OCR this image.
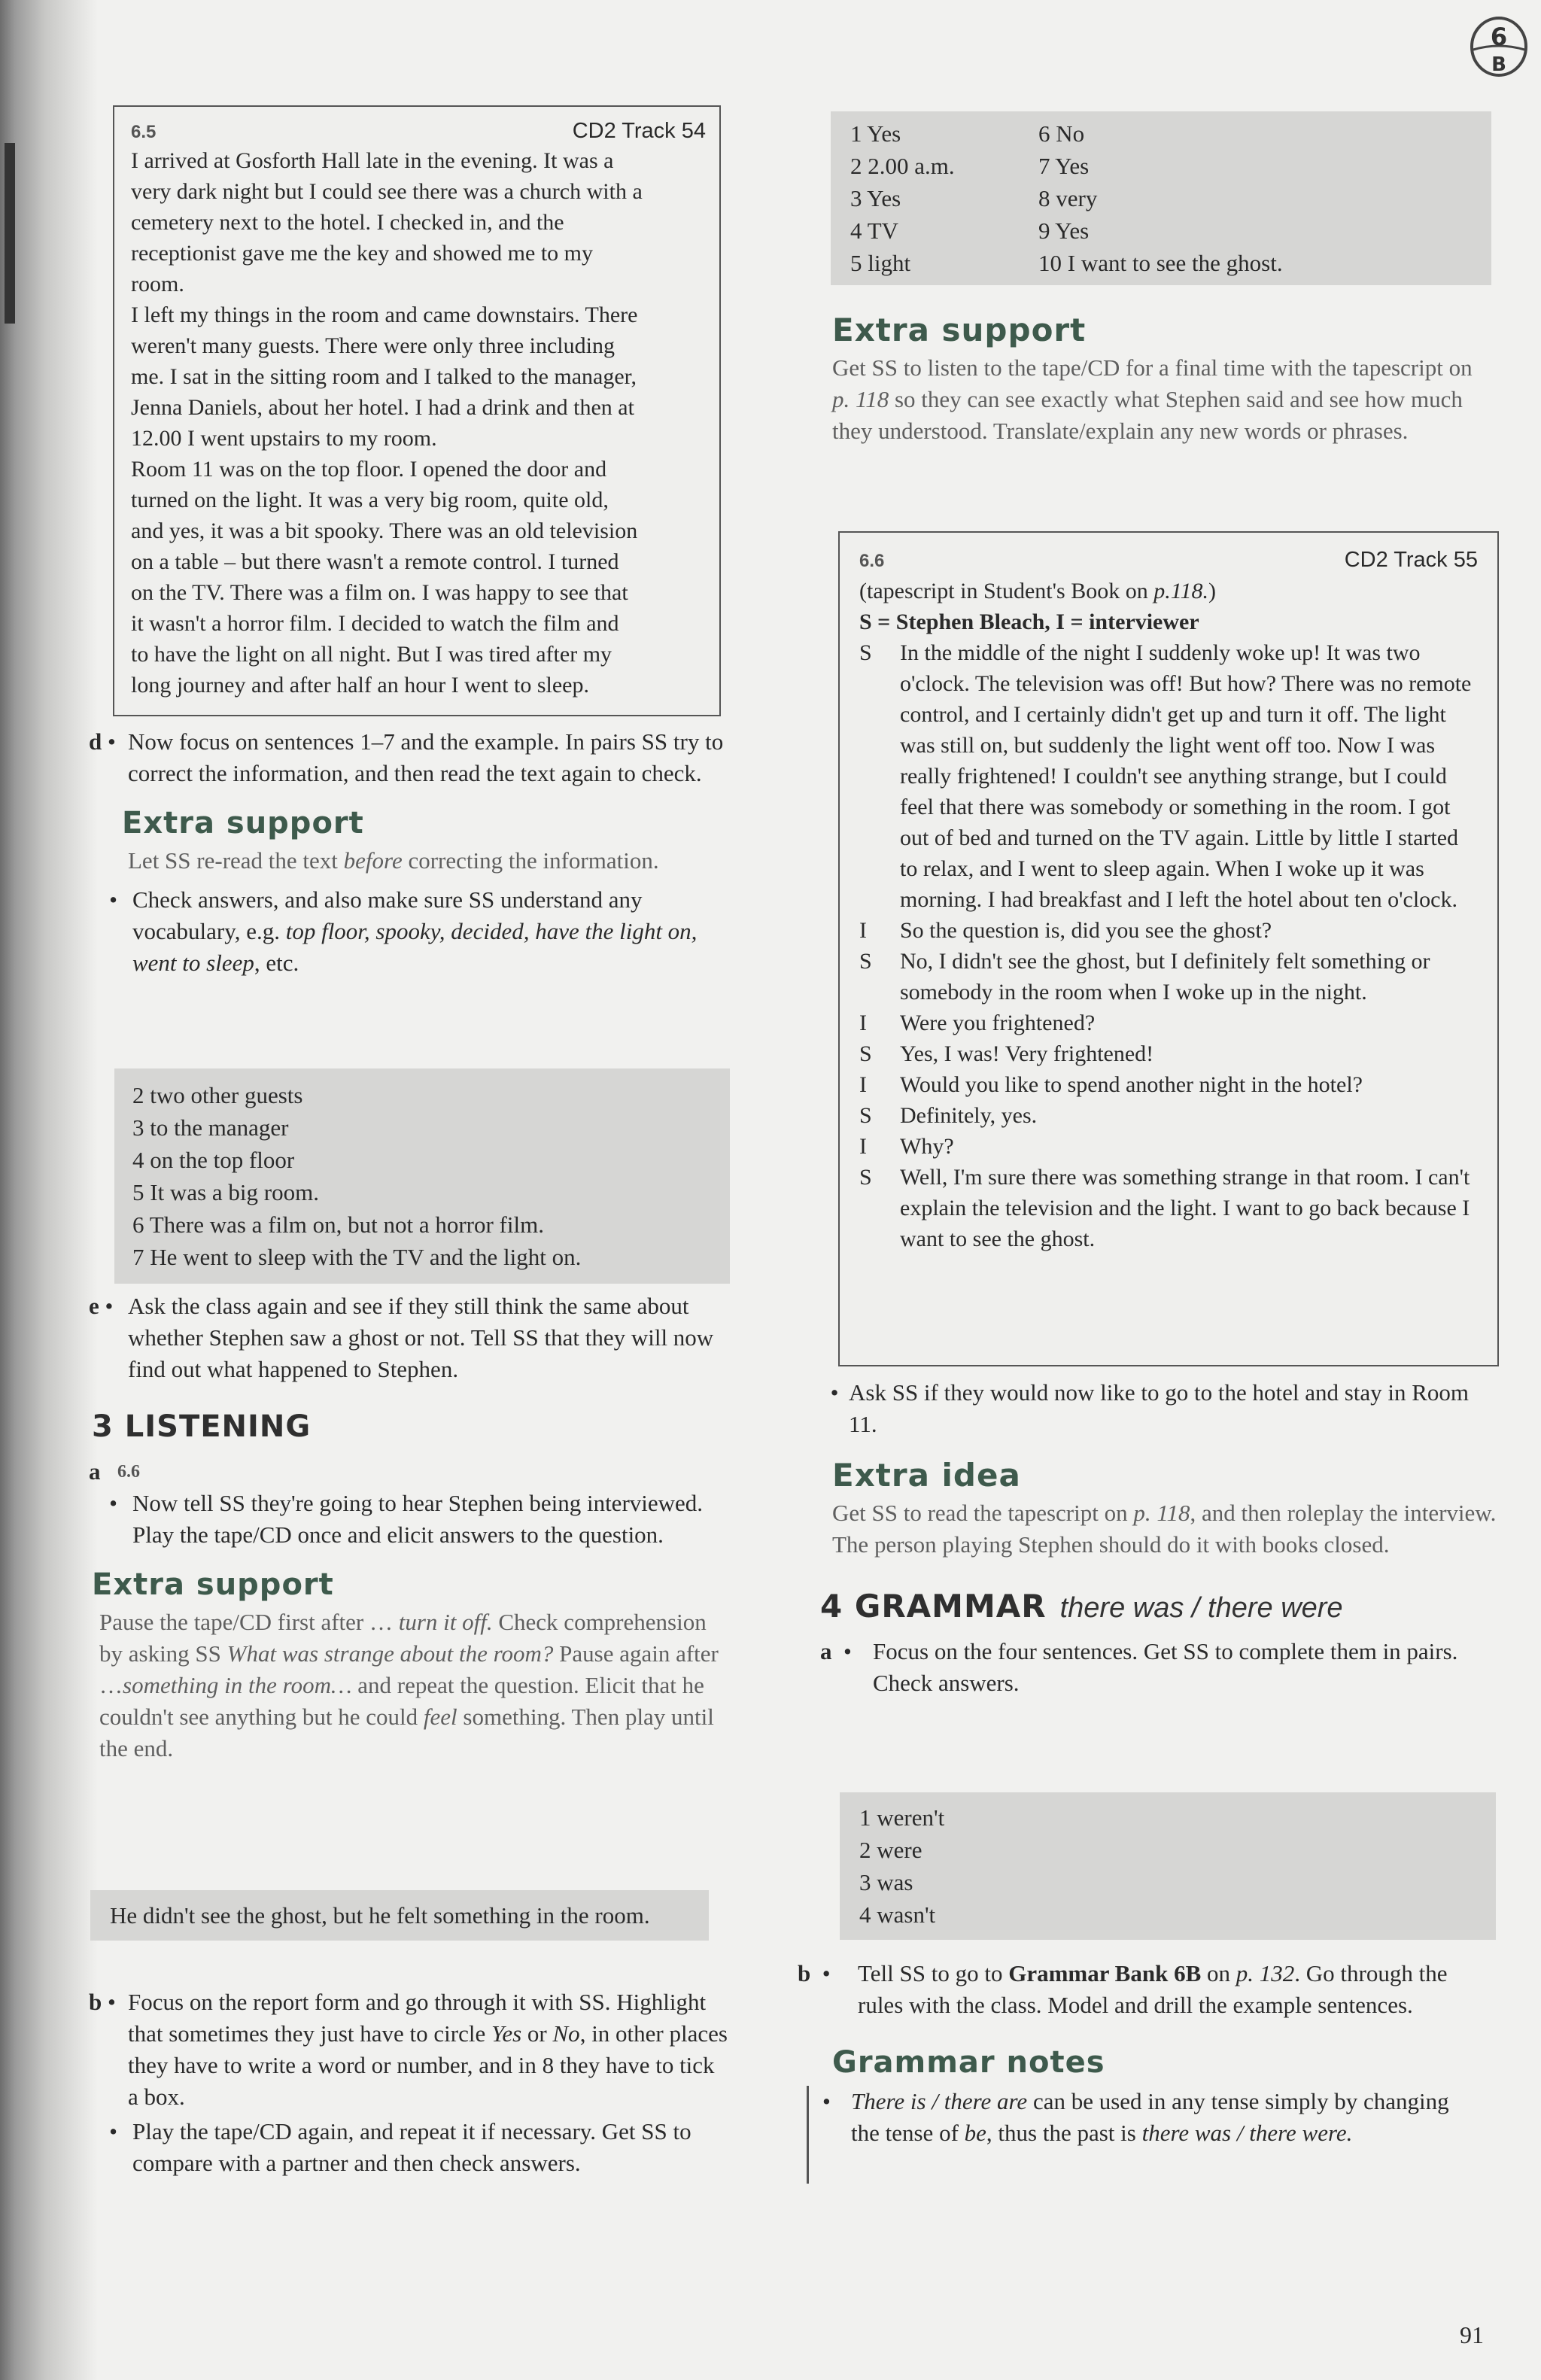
6
B
6.5	CD2 Track 54
I arrived at Gosforth Hall late in the evening. It was a
very dark night but I could see there was a church with a
cemetery next to the hotel. I checked in, and the
receptionist gave me the key and showed me to my
room.
I left my things in the room and came downstairs. There
weren't many guests. There were only three including
me. I sat in the sitting room and I talked to the manager,
Jenna Daniels, about her hotel. I had a drink and then at
12.00 I went upstairs to my room.
Room 11 was on the top floor. I opened the door and
turned on the light. It was a very big room, quite old,
and yes, it was a bit spooky. There was an old television
on a table – but there wasn't a remote control. I turned
on the TV. There was a film on. I was happy to see that
it wasn't a horror film. I decided to watch the film and
to have the light on all night. But I was tired after my
long journey and after half an hour I went to sleep.
d • Now focus on sentences 1–7 and the example. In pairs SS try to correct the information, and then read the text again to check.

Extra support

Let SS re-read the text before correcting the information.

• Check answers, and also make sure SS understand any vocabulary, e.g. top floor, spooky, decided, have the light on, went to sleep, etc.

2 two other guests

3 to the manager

4 on the top floor

5 It was a big room.

6 There was a film on, but not a horror film.

7 He went to sleep with the TV and the light on.

e • Ask the class again and see if they still think the same about whether Stephen saw a ghost or not. Tell SS that they will now find out what happened to Stephen.

3 LISTENING
a 6.6
• Now tell SS they're going to hear Stephen being interviewed. Play the tape/CD once and elicit answers to the question.

Extra support

Pause the tape/CD first after … turn it off. Check comprehension by asking SS What was strange about the room? Pause again after …something in the room… and repeat the question. Elicit that he couldn't see anything but he could feel something. Then play until the end.

He didn't see the ghost, but he felt something in the room.

b • Focus on the report form and go through it with SS. Highlight that sometimes they just have to circle Yes or No, in other places they have to write a word or number, and in 8 they have to tick a box.

• Play the tape/CD again, and repeat it if necessary. Get SS to compare with a partner and then check answers.

1 Yes	6 No
2 2.00 a.m.	7 Yes
3 Yes	8 very
4 TV	9 Yes
5 light	10 I want to see the ghost.
Extra support

Get SS to listen to the tape/CD for a final time with the tapescript on p. 118 so they can see exactly what Stephen said and see how much they understood. Translate/explain any new words or phrases.

6.6	CD2 Track 55

(tapescript in Student's Book on p.118.)

S = Stephen Bleach, I = interviewer

S	In the middle of the night I suddenly woke up! It was two o'clock. The television was off! But how? There was no remote control, and I certainly didn't get up and turn it off. The light was still on, but suddenly the light went off too. Now I was really frightened! I couldn't see anything strange, but I could feel that there was somebody or something in the room. I got out of bed and turned on the TV again. Little by little I started to relax, and I went to sleep again. When I woke up it was morning. I had breakfast and I left the hotel about ten o'clock.
I	So the question is, did you see the ghost?
S	No, I didn't see the ghost, but I definitely felt something or somebody in the room when I woke up in the night.
I	Were you frightened?
S	Yes, I was! Very frightened!
I	Would you like to spend another night in the hotel?
S	Definitely, yes.
I	Why?
S	Well, I'm sure there was something strange in that room. I can't explain the television and the light. I want to go back because I want to see the ghost.
• Ask SS if they would now like to go to the hotel and stay in Room 11.

Extra idea

Get SS to read the tapescript on p. 118, and then roleplay the interview. The person playing Stephen should do it with books closed.

4 GRAMMAR there was / there were
a  • Focus on the four sentences. Get SS to complete them in pairs. Check answers.

1 weren't

2 were

3 was

4 wasn't

b  •	Tell SS to go to Grammar Bank 6B on p. 132. Go through the rules with the class. Model and drill the example sentences.

Grammar notes
• There is / there are can be used in any tense simply by changing the tense of be, thus the past is there was / there were.

91
